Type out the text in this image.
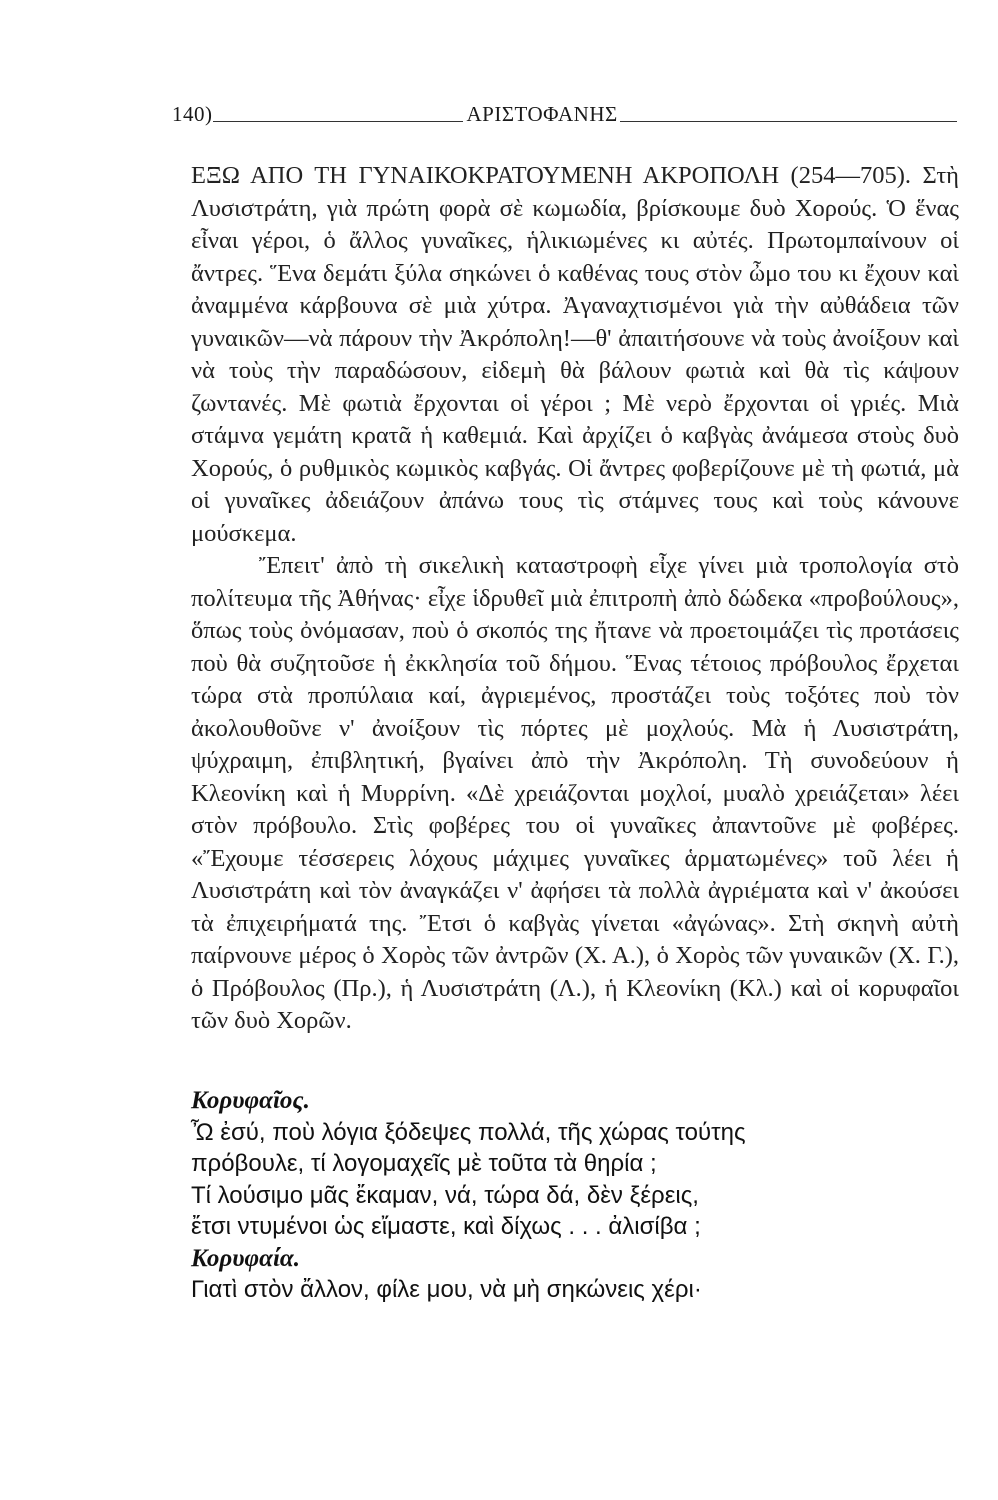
140)	ΑΡΙΣΤΟΦΑΝΗΣ

ΕΞΩ ΑΠΟ ΤΗ ΓΥΝΑΙΚΟΚΡΑΤΟΥΜΕΝΗ ΑΚΡΟΠΟΛΗ (254—705). Στὴ Λυσιστράτη, γιὰ πρώτη φορὰ σὲ κωμωδία, βρίσκουμε δυὸ Χορούς. Ὁ ἕνας εἶναι γέροι, ὁ ἄλλος γυναῖκες, ἡλικιωμένες κι αὐτές. Πρωτομπαίνουν οἱ ἄντρες. Ἕνα δεμάτι ξύλα σηκώνει ὁ καθένας τους στὸν ὦμο του κι ἔχουν καὶ ἀναμμένα κάρβουνα σὲ μιὰ χύτρα. Ἀγαναχτισμένοι γιὰ τὴν αὐθάδεια τῶν γυναικῶν—νὰ πάρουν τὴν Ἀκρόπολη!—θ' ἀπαιτήσουνε νὰ τοὺς ἀνοίξουν καὶ νὰ τοὺς τὴν παραδώσουν, εἰδεμὴ θὰ βάλουν φωτιὰ καὶ θὰ τὶς κάψουν ζωντανές. Μὲ φωτιὰ ἔρχονται οἱ γέροι ; Μὲ νερὸ ἔρχονται οἱ γριές. Μιὰ στάμνα γεμάτη κρατᾶ ἡ καθεμιά. Καὶ ἀρχίζει ὁ καβγὰς ἀνάμεσα στοὺς δυὸ Χορούς, ὁ ρυθμικὸς κωμικὸς καβγάς. Οἱ ἄντρες φοβερίζουνε μὲ τὴ φωτιά, μὰ οἱ γυναῖκες ἀδειάζουν ἀπάνω τους τὶς στάμνες τους καὶ τοὺς κάνουνε μούσκεμα.

Ἔπειτ' ἀπὸ τὴ σικελικὴ καταστροφὴ εἶχε γίνει μιὰ τροπολογία στὸ πολίτευμα τῆς Ἀθήνας· εἶχε ἱδρυθεῖ μιὰ ἐπιτροπὴ ἀπὸ δώδεκα «προβούλους», ὅπως τοὺς ὀνόμασαν, ποὺ ὁ σκοπός της ἤτανε νὰ προετοιμάζει τὶς προτάσεις ποὺ θὰ συζητοῦσε ἡ ἐκκλησία τοῦ δήμου. Ἕνας τέτοιος πρόβουλος ἔρχεται τώρα στὰ προπύλαια καί, ἀγριεμένος, προστάζει τοὺς τοξότες ποὺ τὸν ἀκολουθοῦνε ν' ἀνοίξουν τὶς πόρτες μὲ μοχλούς. Μὰ ἡ Λυσιστράτη, ψύχραιμη, ἐπιβλητική, βγαίνει ἀπὸ τὴν Ἀκρόπολη. Τὴ συνοδεύουν ἡ Κλεονίκη καὶ ἡ Μυρρίνη. «Δὲ χρειάζονται μοχλοί, μυαλὸ χρειάζεται» λέει στὸν πρόβουλο. Στὶς φοβέρες του οἱ γυναῖκες ἀπαντοῦνε μὲ φοβέρες. «Ἔχουμε τέσσερεις λόχους μάχιμες γυναῖκες ἁρματωμένες» τοῦ λέει ἡ Λυσιστράτη καὶ τὸν ἀναγκάζει ν' ἀφήσει τὰ πολλὰ ἀγριέματα καὶ ν' ἀκούσει τὰ ἐπιχειρήματά της. Ἔτσι ὁ καβγὰς γίνεται «ἀγώνας». Στὴ σκηνὴ αὐτὴ παίρνουνε μέρος ὁ Χορὸς τῶν ἀντρῶν (Χ. Α.), ὁ Χορὸς τῶν γυναικῶν (Χ. Γ.), ὁ Πρόβουλος (Πρ.), ἡ Λυσιστράτη (Λ.), ἡ Κλεονίκη (Κλ.) καὶ οἱ κορυφαῖοι τῶν δυὸ Χορῶν.

Κορυφαῖος.
Ὦ ἐσύ, ποὺ λόγια ξόδεψες πολλά, τῆς χώρας τούτης
πρόβουλε, τί λογομαχεῖς μὲ τοῦτα τὰ θηρία ;
Τί λούσιμο μᾶς ἔκαμαν, νά, τώρα δά, δὲν ξέρεις,
ἔτσι ντυμένοι ὡς εἴμαστε, καὶ δίχως . . . ἀλισίβα ;
Κορυφαία.
Γιατὶ στὸν ἄλλον, φίλε μου, νὰ μὴ σηκώνεις χέρι·
